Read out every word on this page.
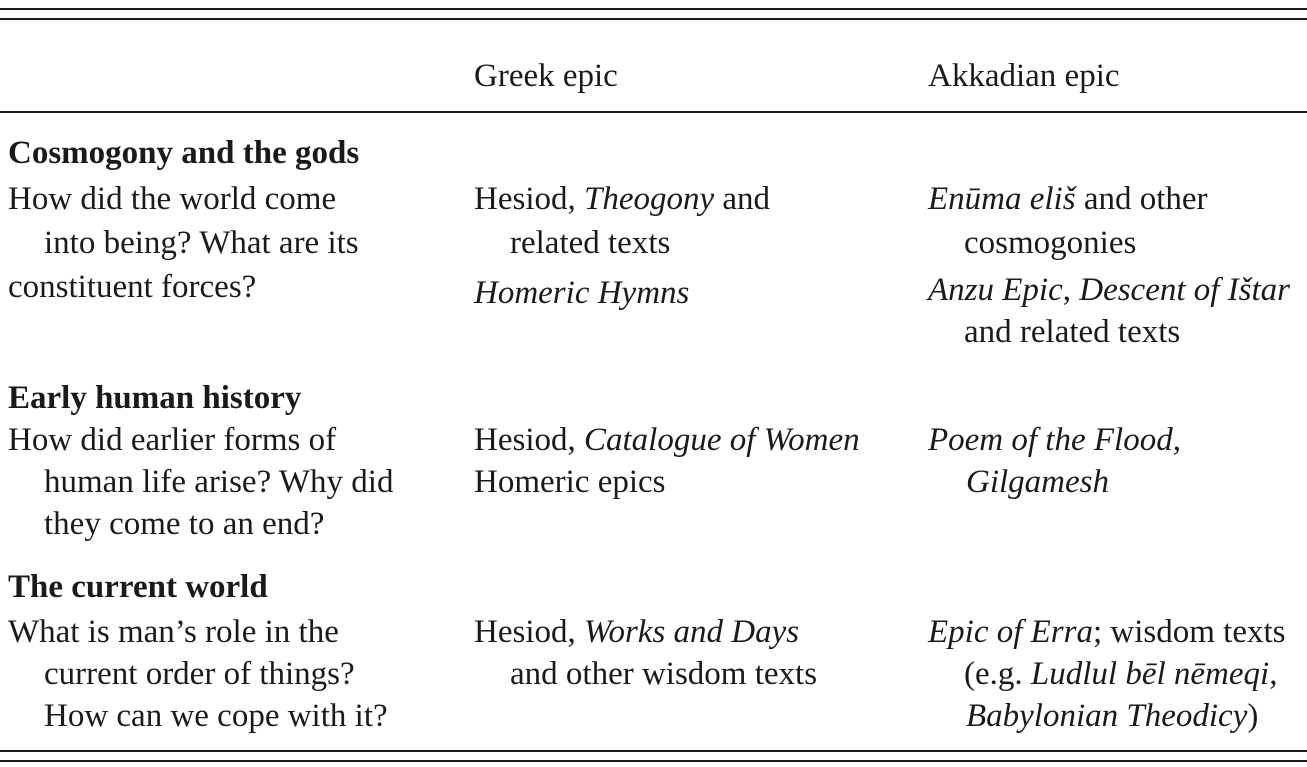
Greek epic	Akkadian epic
Cosmogony and the gods
How did the world come
into being? What are its
constituent forces?
Hesiod, Theogony and
related texts
Homeric Hymns
Enūma eliš and other
cosmogonies
Anzu Epic, Descent of Ištar
and related texts
Early human history
How did earlier forms of
human life arise? Why did
they come to an end?
Hesiod, Catalogue of Women
Homeric epics
Poem of the Flood,
Gilgamesh
The current world
What is man’s role in the
current order of things?
How can we cope with it?
Hesiod, Works and Days
and other wisdom texts
Epic of Erra; wisdom texts
(e.g. Ludlul bēl nēmeqi,
Babylonian Theodicy)
